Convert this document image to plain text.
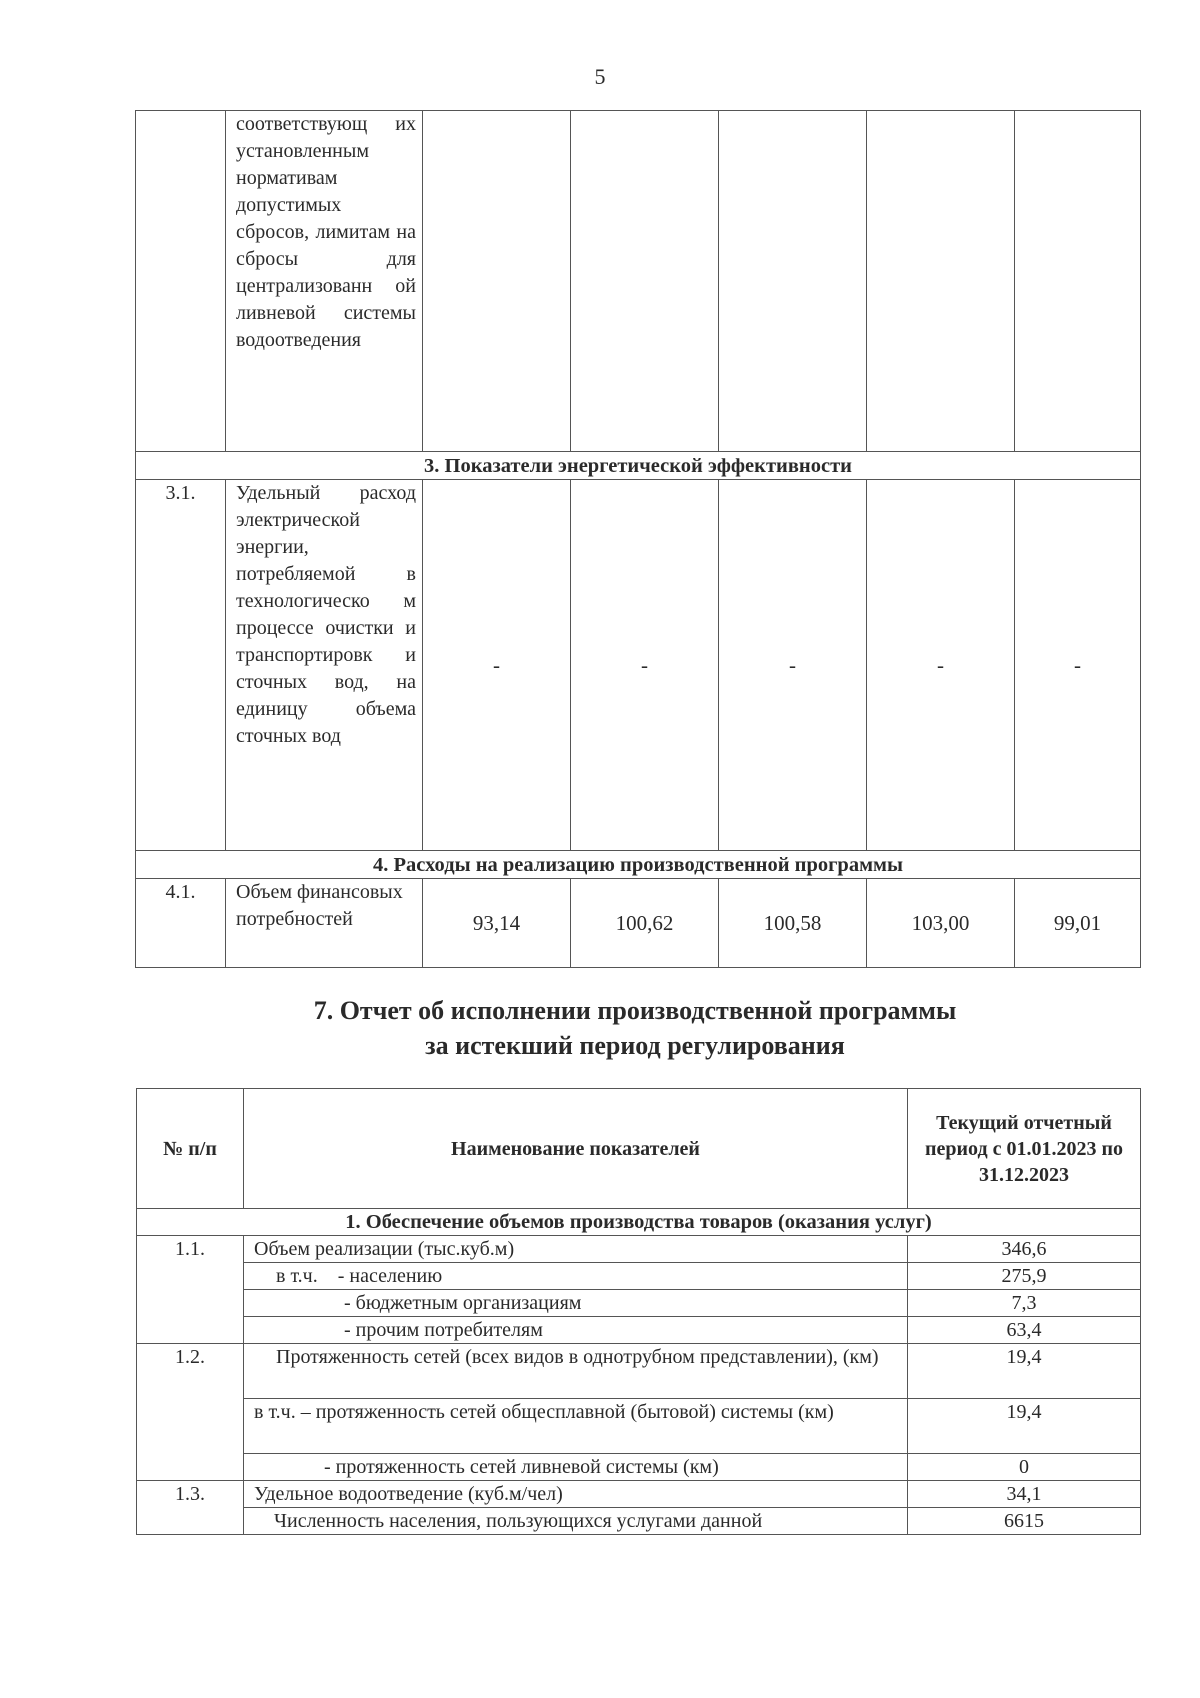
5
	соответствующ их установленным нормативам допустимых сбросов, лимитам на сбросы для централизованн ой ливневой системы водоотведения					
3. Показатели энергетической эффективности						
3.1.	Удельный расход электрической энергии, потребляемой в технологическо м процессе очистки и транспортировк и сточных вод, на единицу объема сточных вод	-	-	-	-	-
4. Расходы на реализацию производственной программы						
4.1.	Объем финансовых потребностей	93,14	100,62	100,58	103,00	99,01
7. Отчет об исполнении производственной программы
за истекший период регулирования
№ п/п	Наименование показателей	Текущий отчетный период с 01.01.2023 по 31.12.2023
1. Обеспечение объемов производства товаров (оказания услуг)		
1.1.	Объем реализации (тыс.куб.м)	346,6
	в т.ч.    - населению	275,9
	- бюджетным организациям	7,3
	- прочим потребителям	63,4
1.2.	Протяженность сетей (всех видов в однотрубном представлении), (км)	19,4
	в т.ч. – протяженность сетей общесплавной (бытовой) системы (км)	19,4
	- протяженность сетей ливневой системы (км)	0
1.3.	Удельное водоотведение (куб.м/чел)	34,1
	Численность населения, пользующихся услугами данной	6615
